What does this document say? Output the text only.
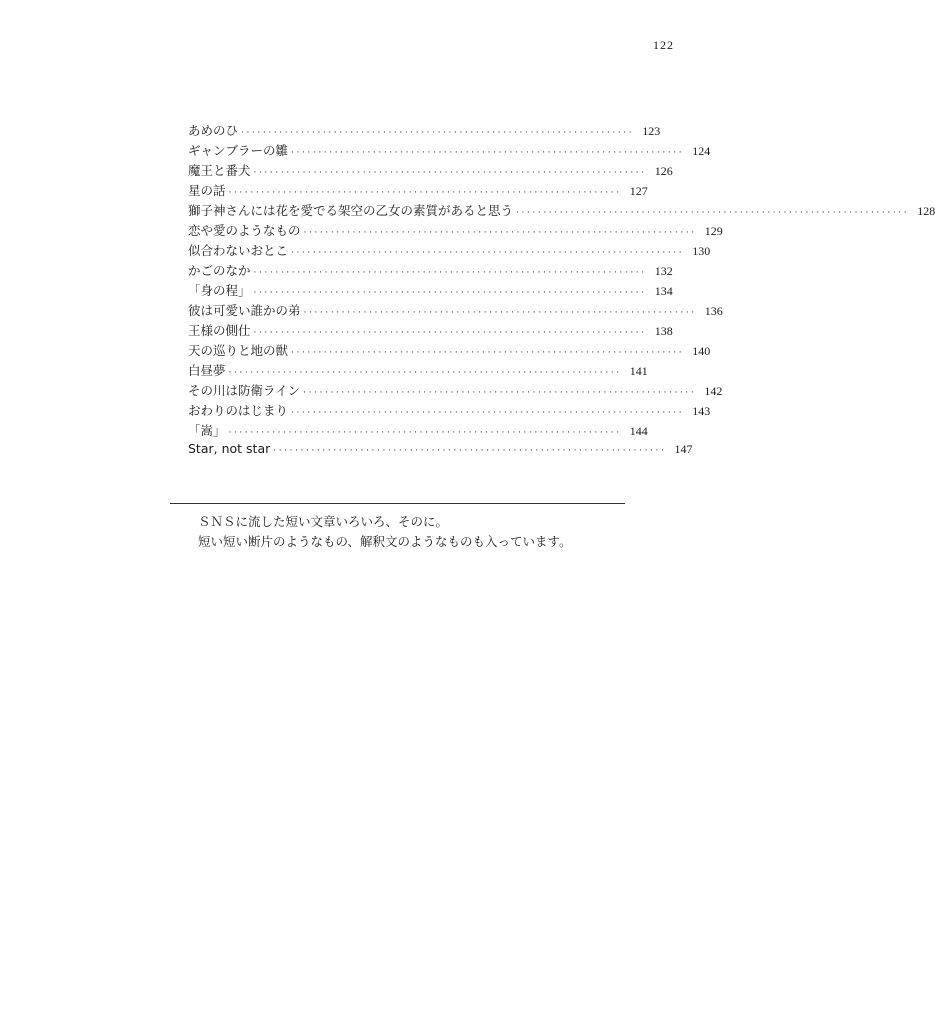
122
あめのひ ········································································ 123
ギャンブラーの雛 ········································································ 124
魔王と番犬 ········································································ 126
星の話 ········································································ 127
獅子神さんには花を愛でる架空の乙女の素質があると思う ········································································ 128
恋や愛のようなもの ········································································ 129
似合わないおとこ ········································································ 130
かごのなか ········································································ 132
「身の程」 ········································································ 134
彼は可愛い誰かの弟 ········································································ 136
王様の側仕 ········································································ 138
天の巡りと地の獣 ········································································ 140
白昼夢 ········································································ 141
その川は防衛ライン ········································································ 142
おわりのはじまり ········································································ 143
「嵩」 ········································································ 144
Star, not star ········································································ 147

ＳＮＳに流した短い文章いろいろ、そのに。

短い短い断片のようなもの、解釈文のようなものも入っています。
